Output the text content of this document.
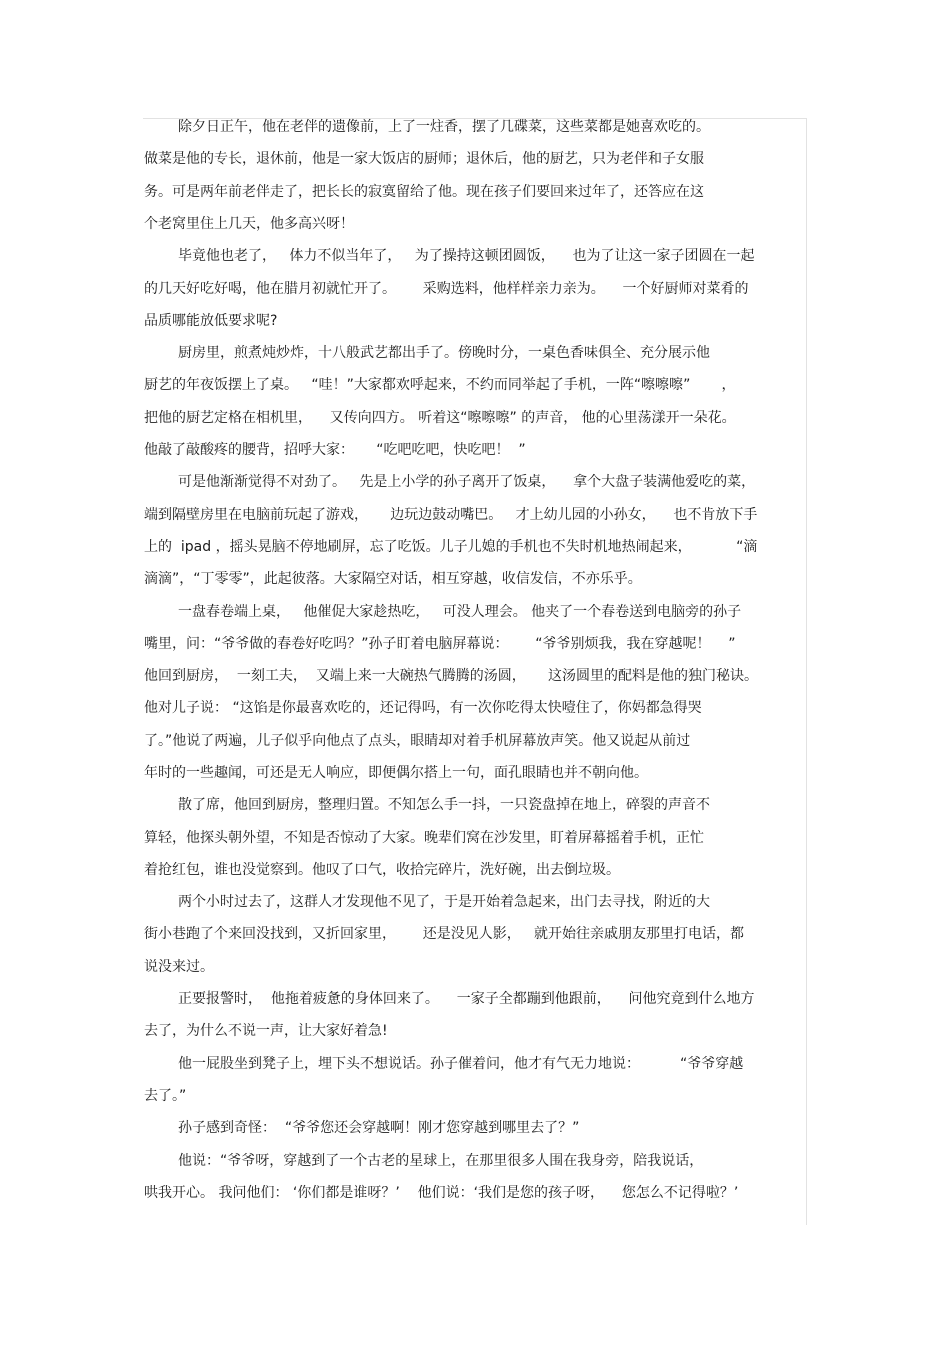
除夕日正午，他在老伴的遗像前，上了一炷香，摆了几碟菜，这些菜都是她喜欢吃的。
做菜是他的专长，退休前，他是一家大饭店的厨师；退休后，他的厨艺，只为老伴和子女服
务。可是两年前老伴走了，把长长的寂寞留给了他。现在孩子们要回来过年了，还答应在这
个老窝里住上几天，他多高兴呀！
毕竟他也老了，   体力不似当年了，   为了操持这顿团圆饭，    也为了让这一家子团圆在一起
的几天好吃好喝，他在腊月初就忙开了。      采购选料，他样样亲力亲为。    一个好厨师对菜肴的
品质哪能放低要求呢?
厨房里，煎煮炖炒炸，十八般武艺都出手了。傍晚时分，一桌色香味俱全、充分展示他
厨艺的年夜饭摆上了桌。   “哇！”大家都欢呼起来，不约而同举起了手机，一阵“嚓嚓嚓”       ，
把他的厨艺定格在相机里，    又传向四方。 听着这“嚓嚓嚓” 的声音， 他的心里荡漾开一朵花。
他敲了敲酸疼的腰背，招呼大家：     “吃吧吃吧，快吃吧！  ”
可是他渐渐觉得不对劲了。   先是上小学的孙子离开了饭桌，    拿个大盘子装满他爱吃的菜，
端到隔壁房里在电脑前玩起了游戏，     边玩边鼓动嘴巴。   才上幼儿园的小孙女，    也不肯放下手
上的  ipad ，摇头晃脑不停地刷屏，忘了吃饭。儿子儿媳的手机也不失时机地热闹起来，          “滴
滴滴”，“丁零零”，此起彼落。大家隔空对话，相互穿越，收信发信，不亦乐乎。
一盘春卷端上桌，   他催促大家趁热吃，   可没人理会。 他夹了一个春卷送到电脑旁的孙子
嘴里，问：“爷爷做的春卷好吃吗？”孙子盯着电脑屏幕说：      “爷爷别烦我，我在穿越呢！    ”
他回到厨房，  一刻工夫，  又端上来一大碗热气腾腾的汤圆，     这汤圆里的配料是他的独门秘诀。
他对儿子说： “这馅是你最喜欢吃的，还记得吗，有一次你吃得太快噎住了，你妈都急得哭
了。”他说了两遍，儿子似乎向他点了点头，眼睛却对着手机屏幕放声笑。他又说起从前过
年时的一些趣闻，可还是无人响应，即便偶尔搭上一句，面孔眼睛也并不朝向他。
散了席，他回到厨房，整理归置。不知怎么手一抖，一只瓷盘掉在地上，碎裂的声音不
算轻，他探头朝外望，不知是否惊动了大家。晚辈们窝在沙发里，盯着屏幕摇着手机，正忙
着抢红包，谁也没觉察到。他叹了口气，收拾完碎片，洗好碗，出去倒垃圾。
两个小时过去了，这群人才发现他不见了，于是开始着急起来，出门去寻找，附近的大
街小巷跑了个来回没找到，又折回家里，      还是没见人影，   就开始往亲戚朋友那里打电话，都
说没来过。
正要报警时，  他拖着疲惫的身体回来了。    一家子全都蹦到他跟前，    问他究竟到什么地方
去了，为什么不说一声，让大家好着急!
他一屁股坐到凳子上，埋下头不想说话。孙子催着问，他才有气无力地说：         “爷爷穿越
去了。”
孙子感到奇怪：  “爷爷您还会穿越啊！刚才您穿越到哪里去了？”
他说：“爷爷呀，穿越到了一个古老的星球上，在那里很多人围在我身旁，陪我说话，
哄我开心。 我问他们： ‘你们都是谁呀？’    他们说：‘我们是您的孩子呀，    您怎么不记得啦？’
